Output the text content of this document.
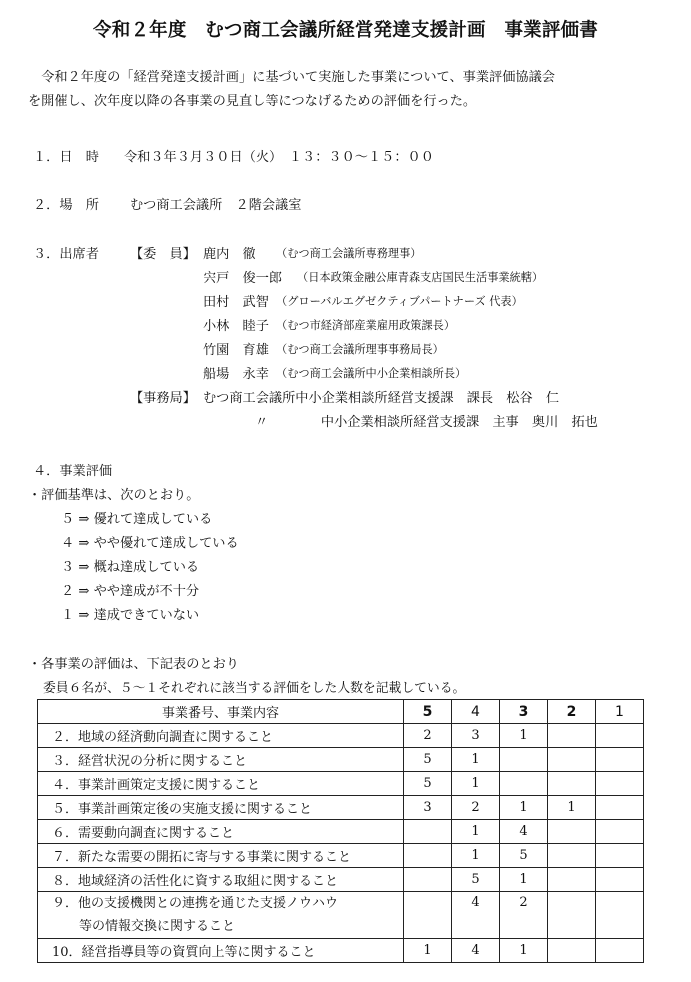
令和２年度　むつ商工会議所経営発達支援計画　事業評価書

令和２年度の「経営発達支援計画」に基づいて実施した事業について、事業評価協議会

を開催し、次年度以降の各事業の見直し等につなげるための評価を行った。

１．日　時 令和３年３月３０日（火）　１３：３０～１５：００
２．場　所 むつ商工会議所　２階会議室
３．出席者 【委　員】 鹿内　徹 （むつ商工会議所専務理事）
宍戸　俊一郎 （日本政策金融公庫青森支店国民生活事業統轄）
田村　武智 （グローバルエグゼクティブパートナーズ 代表）
小林　睦子 （むつ市経済部産業雇用政策課長）
竹園　育雄 （むつ商工会議所理事事務局長）
船場　永幸 （むつ商工会議所中小企業相談所長）
【事務局】 むつ商工会議所中小企業相談所経営支援課　課長　松谷　仁
〃　　　　中小企業相談所経営支援課　主事　奥川　拓也
４．事業評価
・評価基準は、次のとおり。
５ ⇒ 優れて達成している
４ ⇒ やや優れて達成している
３ ⇒ 概ね達成している
２ ⇒ やや達成が不十分
１ ⇒ 達成できていない
・各事業の評価は、下記表のとおり
委員６名が、５～１それぞれに該当する評価をした人数を記載している。
事業番号、事業内容	5	4	3	2	1
２．地域の経済動向調査に関すること	2	3	1		
３．経営状況の分析に関すること	5	1			
４．事業計画策定支援に関すること	5	1			
５．事業計画策定後の実施支援に関すること	3	2	1	1	
６．需要動向調査に関すること		1	4		
７．新たな需要の開拓に寄与する事業に関すること		1	5		
８．地域経済の活性化に資する取組に関すること		5	1		

９．他の支援機関との連携を通じた支援ノウハウ
等の情報交換に関すること		4	2		
10．経営指導員等の資質向上等に関すること	1	4	1		
